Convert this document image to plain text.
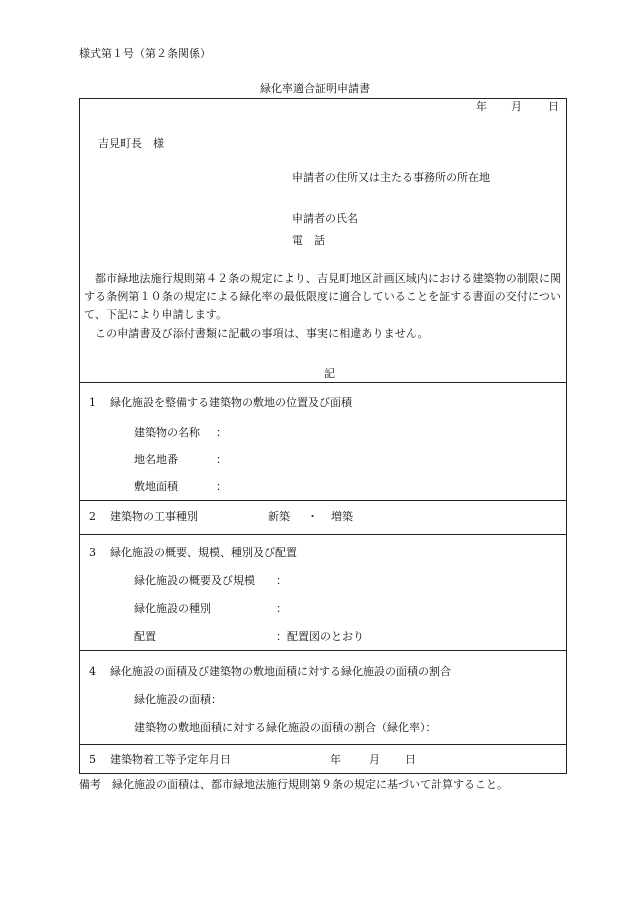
様式第１号（第２条関係）
緑化率適合証明申請書
年 月 日
吉見町長　様
申請者の住所又は主たる事務所の所在地
申請者の氏名
電　話
都市緑地法施行規則第４２条の規定により、吉見町地区計画区域内における建築物の制限に関する条例第１０条の規定による緑化率の最低限度に適合していることを証する書面の交付について、下記により申請します。
この申請書及び添付書類に記載の事項は、事実に相違ありません。
記
1 緑化施設を整備する建築物の敷地の位置及び面積
建築物の名称 ：
地名地番	：
敷地面積	：
2 建築物の工事種別	新築 ・ 増築
3 緑化施設の概要、規模、種別及び配置
緑化施設の概要及び規模 ：
緑化施設の種別	：
配置	：配置図のとおり
4 緑化施設の面積及び建築物の敷地面積に対する緑化施設の面積の割合
緑化施設の面積：
建築物の敷地面積に対する緑化施設の面積の割合（緑化率）：
5 建築物着工等予定年月日	年	月 日
備考　緑化施設の面積は、都市緑地法施行規則第９条の規定に基づいて計算すること。
